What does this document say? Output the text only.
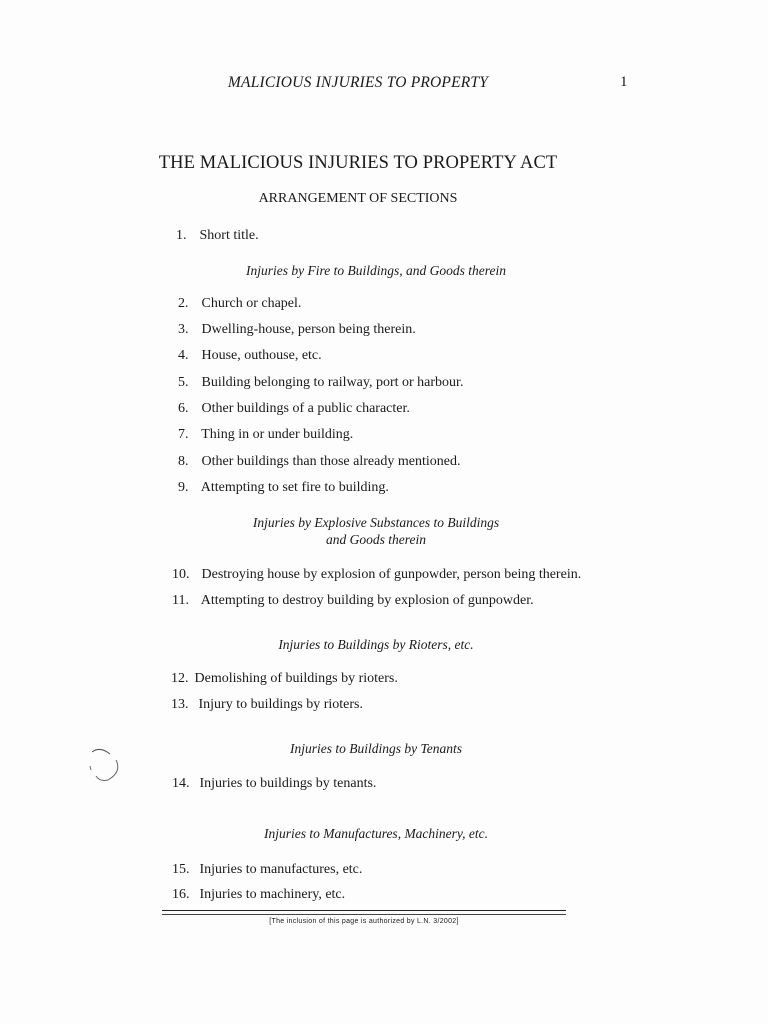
MALICIOUS INJURIES TO PROPERTY	1
THE MALICIOUS INJURIES TO PROPERTY ACT
ARRANGEMENT OF SECTIONS
1. Short title.
Injuries by Fire to Buildings, and Goods therein
2. Church or chapel.
3. Dwelling-house, person being therein.
4. House, outhouse, etc.
5. Building belonging to railway, port or harbour.
6. Other buildings of a public character.
7. Thing in or under building.
8. Other buildings than those already mentioned.
9. Attempting to set fire to building.
Injuries by Explosive Substances to Buildings
and Goods therein
10. Destroying house by explosion of gunpowder, person being therein.
11. Attempting to destroy building by explosion of gunpowder.
Injuries to Buildings by Rioters, etc.
12. Demolishing of buildings by rioters.
13. Injury to buildings by rioters.
Injuries to Buildings by Tenants
14. Injuries to buildings by tenants.
Injuries to Manufactures, Machinery, etc.
15. Injuries to manufactures, etc.
16. Injuries to machinery, etc.
[The inclusion of this page is authorized by L.N. 3/2002]
